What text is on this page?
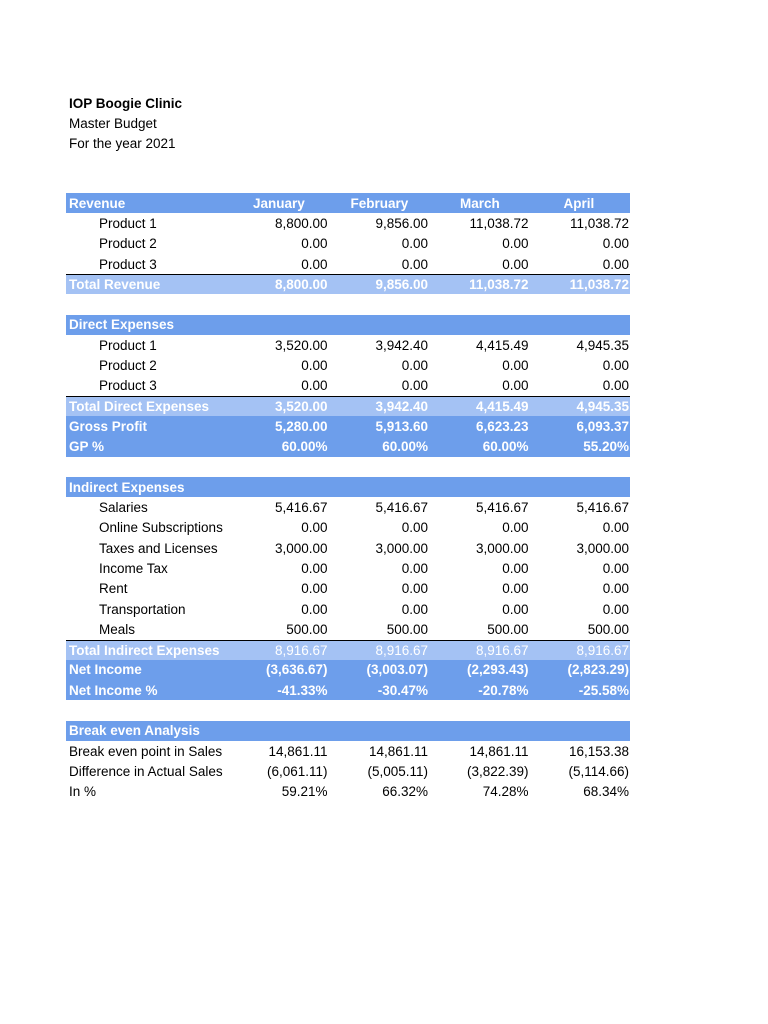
IOP Boogie Clinic
Master Budget
For the year 2021
Revenue	January	February	March	April
Product 1	8,800.00	9,856.00	11,038.72	11,038.72
Product 2	0.00	0.00	0.00	0.00
Product 3	0.00	0.00	0.00	0.00
Total Revenue	8,800.00	9,856.00	11,038.72	11,038.72
Direct Expenses
Product 1	3,520.00	3,942.40	4,415.49	4,945.35
Product 2	0.00	0.00	0.00	0.00
Product 3	0.00	0.00	0.00	0.00
Total Direct Expenses	3,520.00	3,942.40	4,415.49	4,945.35
Gross Profit	5,280.00	5,913.60	6,623.23	6,093.37
GP %	60.00%	60.00%	60.00%	55.20%
Indirect Expenses
Salaries	5,416.67	5,416.67	5,416.67	5,416.67
Online Subscriptions	0.00	0.00	0.00	0.00
Taxes and Licenses	3,000.00	3,000.00	3,000.00	3,000.00
Income Tax	0.00	0.00	0.00	0.00
Rent	0.00	0.00	0.00	0.00
Transportation	0.00	0.00	0.00	0.00
Meals	500.00	500.00	500.00	500.00
Total Indirect Expenses	8,916.67	8,916.67	8,916.67	8,916.67
Net Income	(3,636.67)	(3,003.07)	(2,293.43)	(2,823.29)
Net Income %	-41.33%	-30.47%	-20.78%	-25.58%
Break even Analysis
Break even point in Sales	14,861.11	14,861.11	14,861.11	16,153.38
Difference in Actual Sales	(6,061.11)	(5,005.11)	(3,822.39)	(5,114.66)
In %	59.21%	66.32%	74.28%	68.34%
